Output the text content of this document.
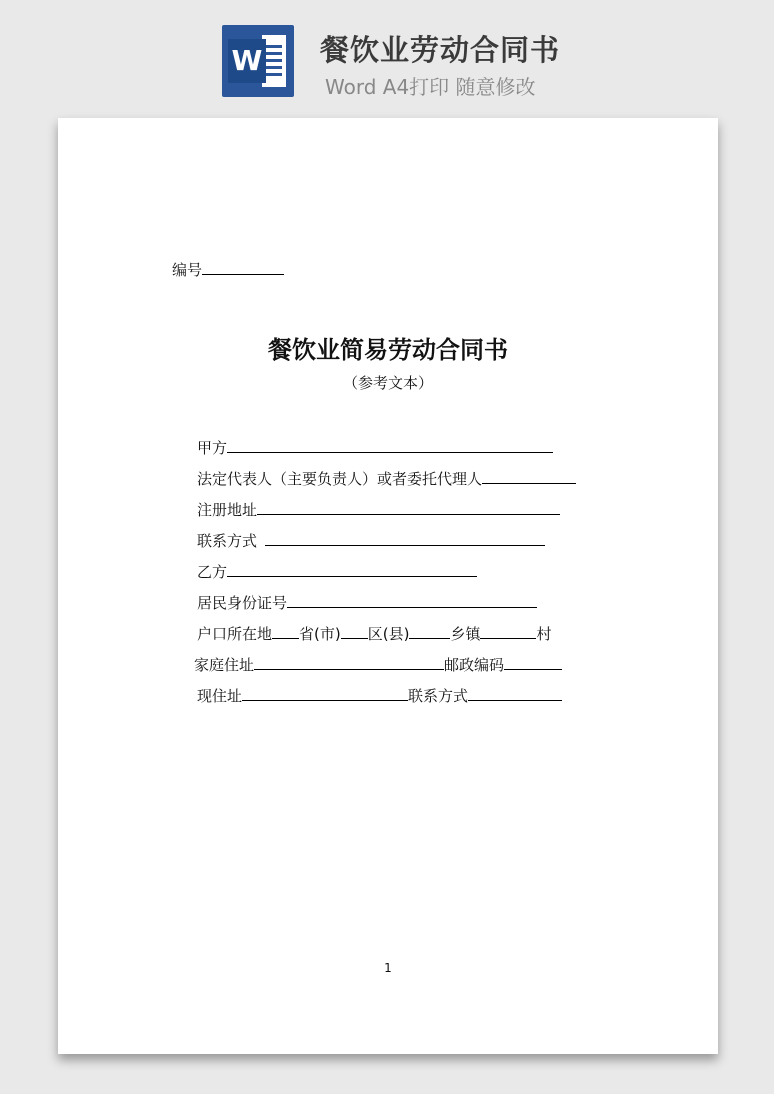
W 餐饮业劳动合同书
Word A4打印 随意修改
编号
餐饮业简易劳动合同书
（参考文本）
甲方
法定代表人（主要负责人）或者委托代理人
注册地址
联系方式
乙方
居民身份证号
户口所在地 省(市) 区(县)	乡镇	村
家庭住址	邮政编码
现住址	联系方式
1
